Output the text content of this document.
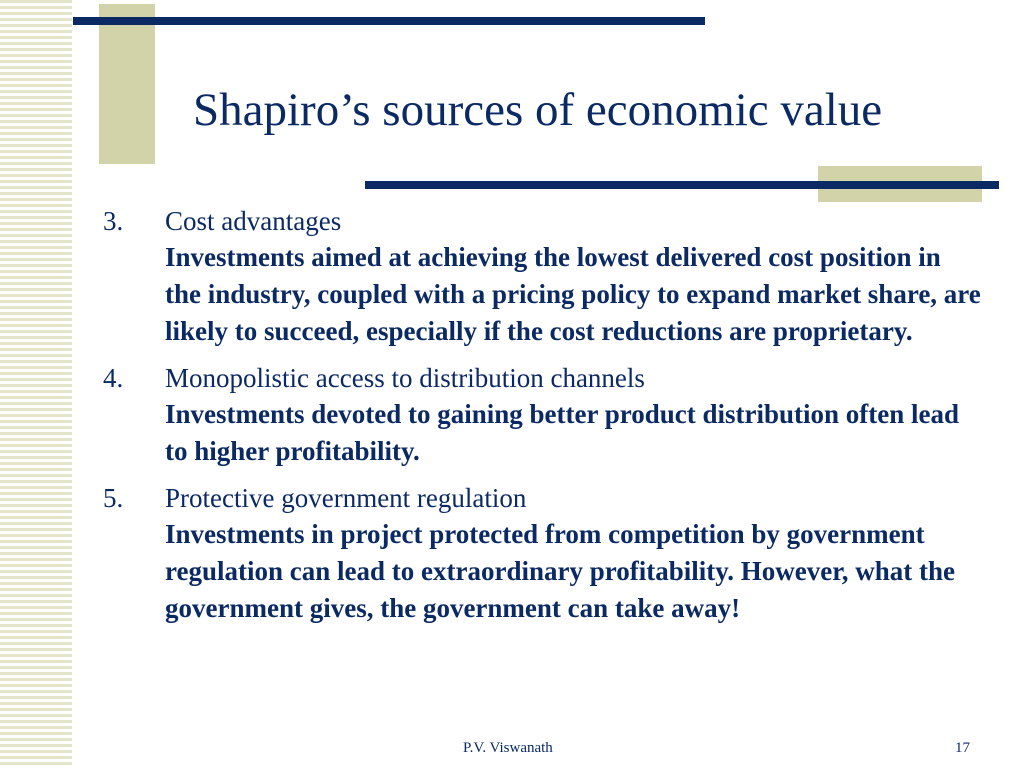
Shapiro’s sources of economic value
3. Cost advantages
Investments aimed at achieving the lowest delivered cost position in the industry, coupled with a pricing policy to expand market share, are likely to succeed, especially if the cost reductions are proprietary.
4. Monopolistic access to distribution channels
Investments devoted to gaining better product distribution often lead to higher profitability.
5. Protective government regulation
Investments in project protected from competition by government regulation can lead to extraordinary profitability. However, what the government gives, the government can take away!
P.V. Viswanath	17
